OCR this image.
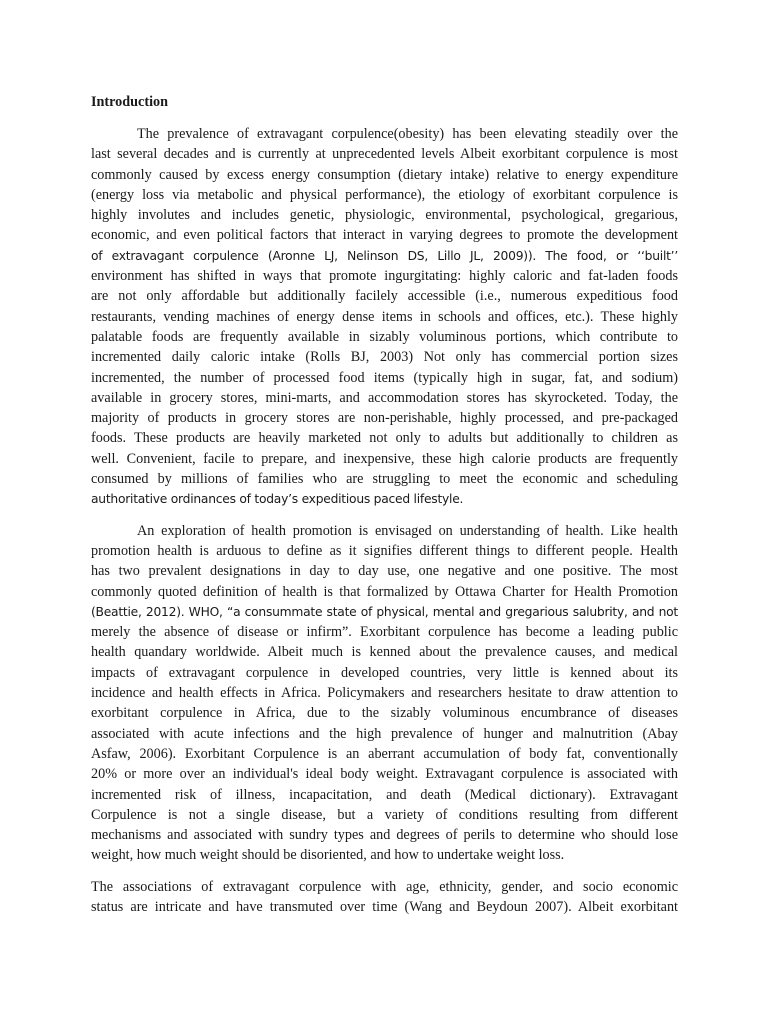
Introduction
The prevalence of extravagant corpulence(obesity) has been elevating steadily over the
last several decades and is currently at unprecedented levels Albeit exorbitant corpulence is most
commonly caused by excess energy consumption (dietary intake) relative to energy expenditure
(energy loss via metabolic and physical performance), the etiology of exorbitant corpulence is
highly involutes and includes genetic, physiologic, environmental, psychological, gregarious,
economic, and even political factors that interact in varying degrees to promote the development
of extravagant corpulence (Aronne LJ, Nelinson DS, Lillo JL, 2009)). The food, or ‘‘built’’
environment has shifted in ways that promote ingurgitating: highly caloric and fat-laden foods
are not only affordable but additionally facilely accessible (i.e., numerous expeditious food
restaurants, vending machines of energy dense items in schools and offices, etc.). These highly
palatable foods are frequently available in sizably voluminous portions, which contribute to
incremented daily caloric intake (Rolls BJ, 2003) Not only has commercial portion sizes
incremented, the number of processed food items (typically high in sugar, fat, and sodium)
available in grocery stores, mini-marts, and accommodation stores has skyrocketed. Today, the
majority of products in grocery stores are non-perishable, highly processed, and pre-packaged
foods. These products are heavily marketed not only to adults but additionally to children as
well. Convenient, facile to prepare, and inexpensive, these high calorie products are frequently
consumed by millions of families who are struggling to meet the economic and scheduling
authoritative ordinances of today’s expeditious paced lifestyle.
An exploration of health promotion is envisaged on understanding of health. Like health
promotion health is arduous to define as it signifies different things to different people. Health
has two prevalent designations in day to day use, one negative and one positive. The most
commonly quoted definition of health is that formalized by Ottawa Charter for Health Promotion
(Beattie, 2012). WHO, “a consummate state of physical, mental and gregarious salubrity, and not
merely the absence of disease or infirm”. Exorbitant corpulence has become a leading public
health quandary worldwide. Albeit much is kenned about the prevalence causes, and medical
impacts of extravagant corpulence in developed countries, very little is kenned about its
incidence and health effects in Africa. Policymakers and researchers hesitate to draw attention to
exorbitant corpulence in Africa, due to the sizably voluminous encumbrance of diseases
associated with acute infections and the high prevalence of hunger and malnutrition (Abay
Asfaw, 2006). Exorbitant Corpulence is an aberrant accumulation of body fat, conventionally
20% or more over an individual's ideal body weight. Extravagant corpulence is associated with
incremented risk of illness, incapacitation, and death (Medical dictionary). Extravagant
Corpulence is not a single disease, but a variety of conditions resulting from different
mechanisms and associated with sundry types and degrees of perils to determine who should lose
weight, how much weight should be disoriented, and how to undertake weight loss.
The associations of extravagant corpulence with age, ethnicity, gender, and socio economic
status are intricate and have transmuted over time (Wang and Beydoun 2007). Albeit exorbitant
